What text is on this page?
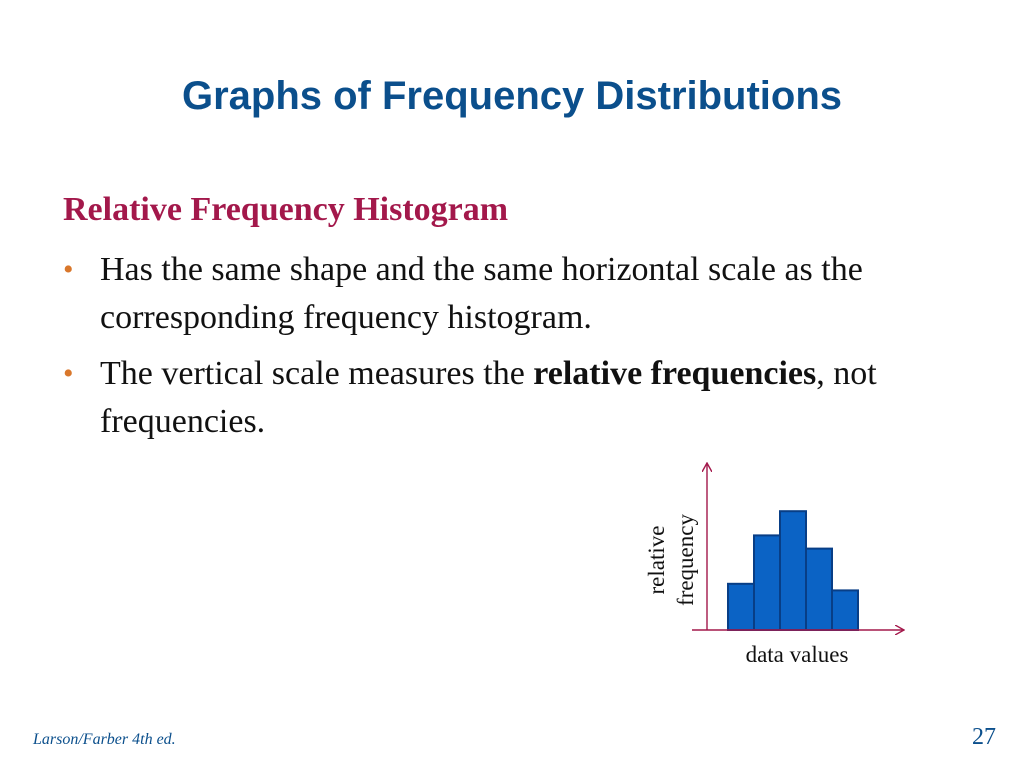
Graphs of Frequency Distributions
Relative Frequency Histogram
• Has the same shape and the same horizontal scale as the corresponding frequency histogram.
• The vertical scale measures the relative frequencies, not frequencies.
relative frequency
data values
Larson/Farber 4th ed.	27
